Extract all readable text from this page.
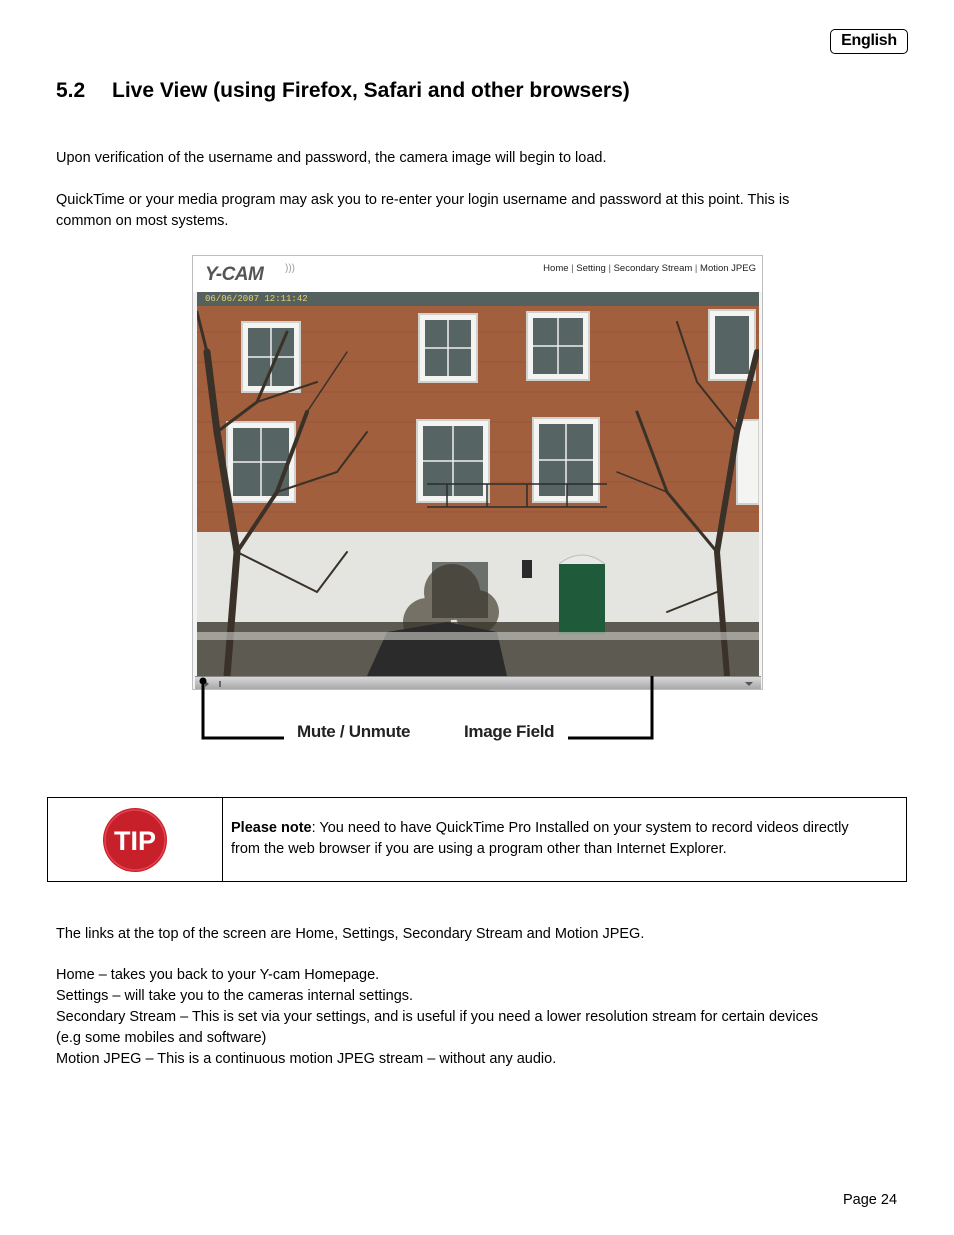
English
5.2 Live View (using Firefox, Safari and other browsers)
Upon verification of the username and password, the camera image will begin to load.
QuickTime or your media program may ask you to re-enter your login username and password at this point. This is
common on most systems.
Y-CAM )))	Home | Setting | Secondary Stream | Motion JPEG
06/06/2007 12:11:42
Mute / Unmute	Image Field
TIP	Please note: You need to have QuickTime Pro Installed on your system to record videos directly
from the web browser if you are using a program other than Internet Explorer.
The links at the top of the screen are Home, Settings, Secondary Stream and Motion JPEG.
Home – takes you back to your Y-cam Homepage.
Settings – will take you to the cameras internal settings.
Secondary Stream – This is set via your settings, and is useful if you need a lower resolution stream for certain devices
(e.g some mobiles and software)
Motion JPEG – This is a continuous motion JPEG stream – without any audio.
Page 24
